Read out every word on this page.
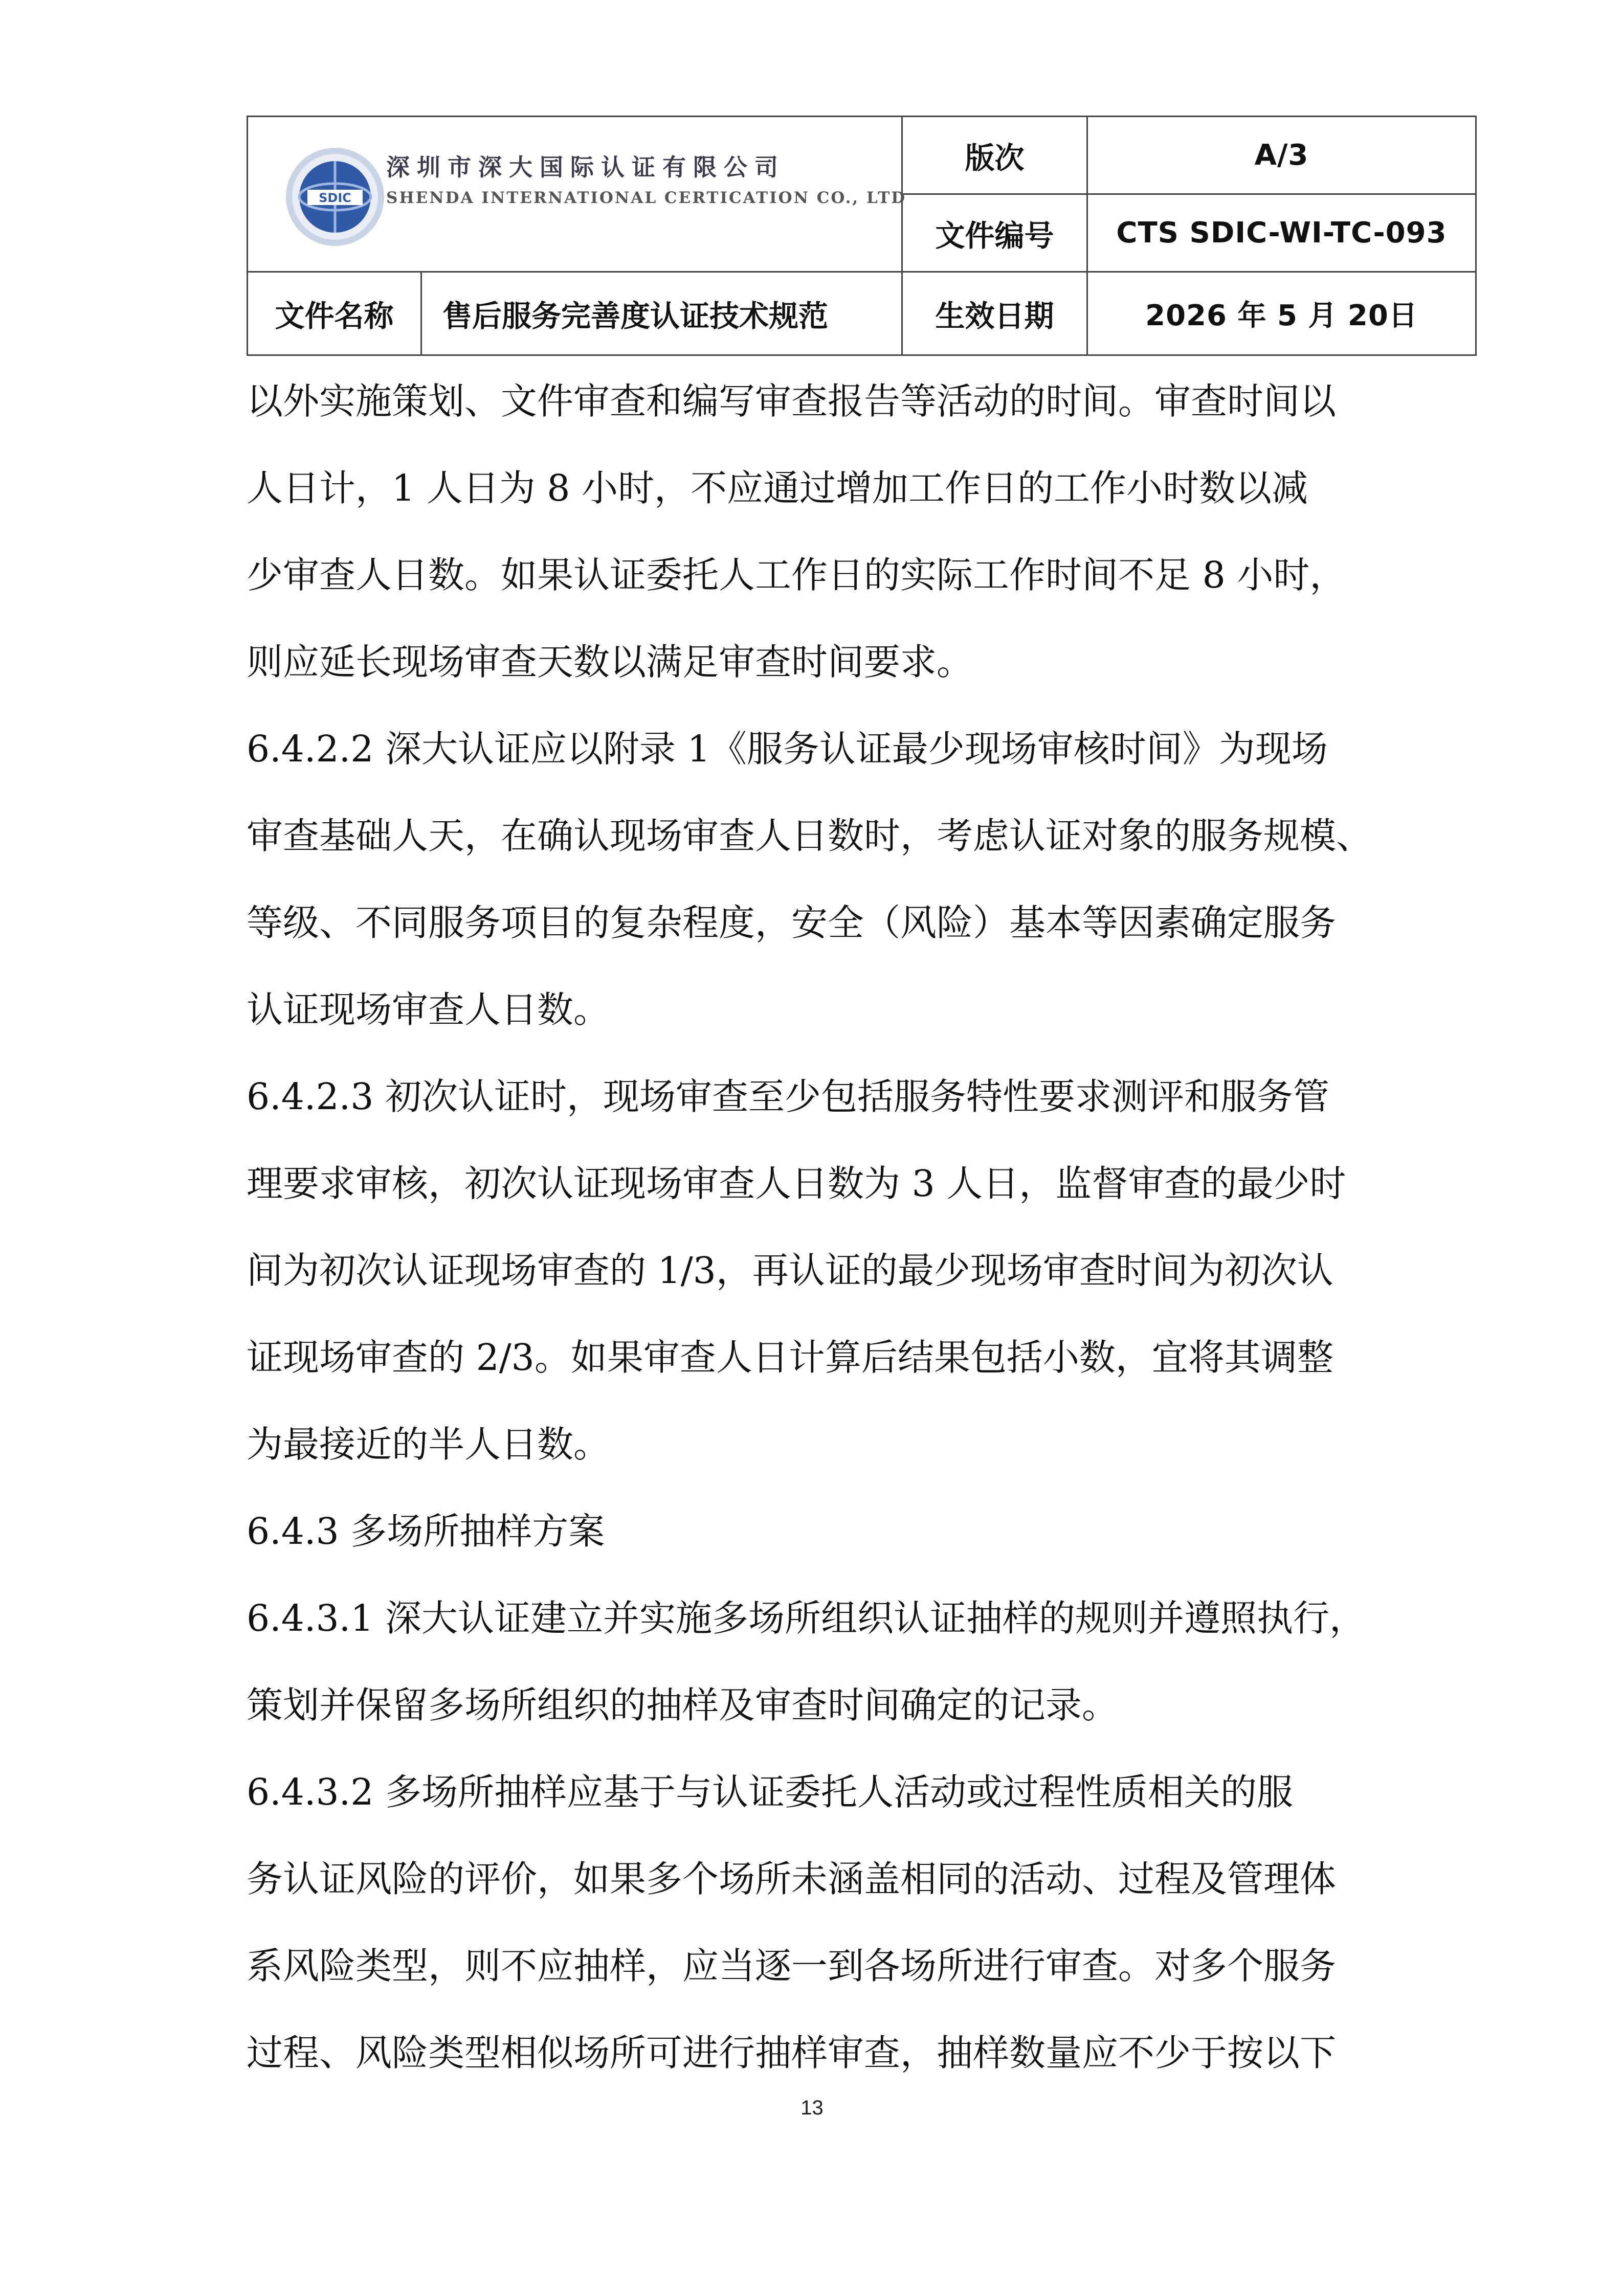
SDIC
深圳市深大国际认证有限公司
SHENDA INTERNATIONAL CERTICATION CO., LTD		版次	A/3
		文件编号	CTS SDIC-WI-TC-093
文件名称	售后服务完善度认证技术规范	生效日期	2026 年 5 月 20日
以外实施策划、文件审查和编写审查报告等活动的时间。审查时间以
人日计，1 人日为 8 小时，不应通过增加工作日的工作小时数以减
少审查人日数。如果认证委托人工作日的实际工作时间不足 8 小时，
则应延长现场审查天数以满足审查时间要求。
6.4.2.2 深大认证应以附录 1《服务认证最少现场审核时间》为现场
审查基础人天，在确认现场审查人日数时，考虑认证对象的服务规模、
等级、不同服务项目的复杂程度，安全（风险）基本等因素确定服务
认证现场审查人日数。
6.4.2.3 初次认证时，现场审查至少包括服务特性要求测评和服务管
理要求审核，初次认证现场审查人日数为 3 人日，监督审查的最少时
间为初次认证现场审查的 1/3，再认证的最少现场审查时间为初次认
证现场审查的 2/3。如果审查人日计算后结果包括小数，宜将其调整
为最接近的半人日数。
6.4.3 多场所抽样方案
6.4.3.1 深大认证建立并实施多场所组织认证抽样的规则并遵照执行，
策划并保留多场所组织的抽样及审查时间确定的记录。
6.4.3.2 多场所抽样应基于与认证委托人活动或过程性质相关的服
务认证风险的评价，如果多个场所未涵盖相同的活动、过程及管理体
系风险类型，则不应抽样，应当逐一到各场所进行审查。对多个服务
过程、风险类型相似场所可进行抽样审查，抽样数量应不少于按以下
13
